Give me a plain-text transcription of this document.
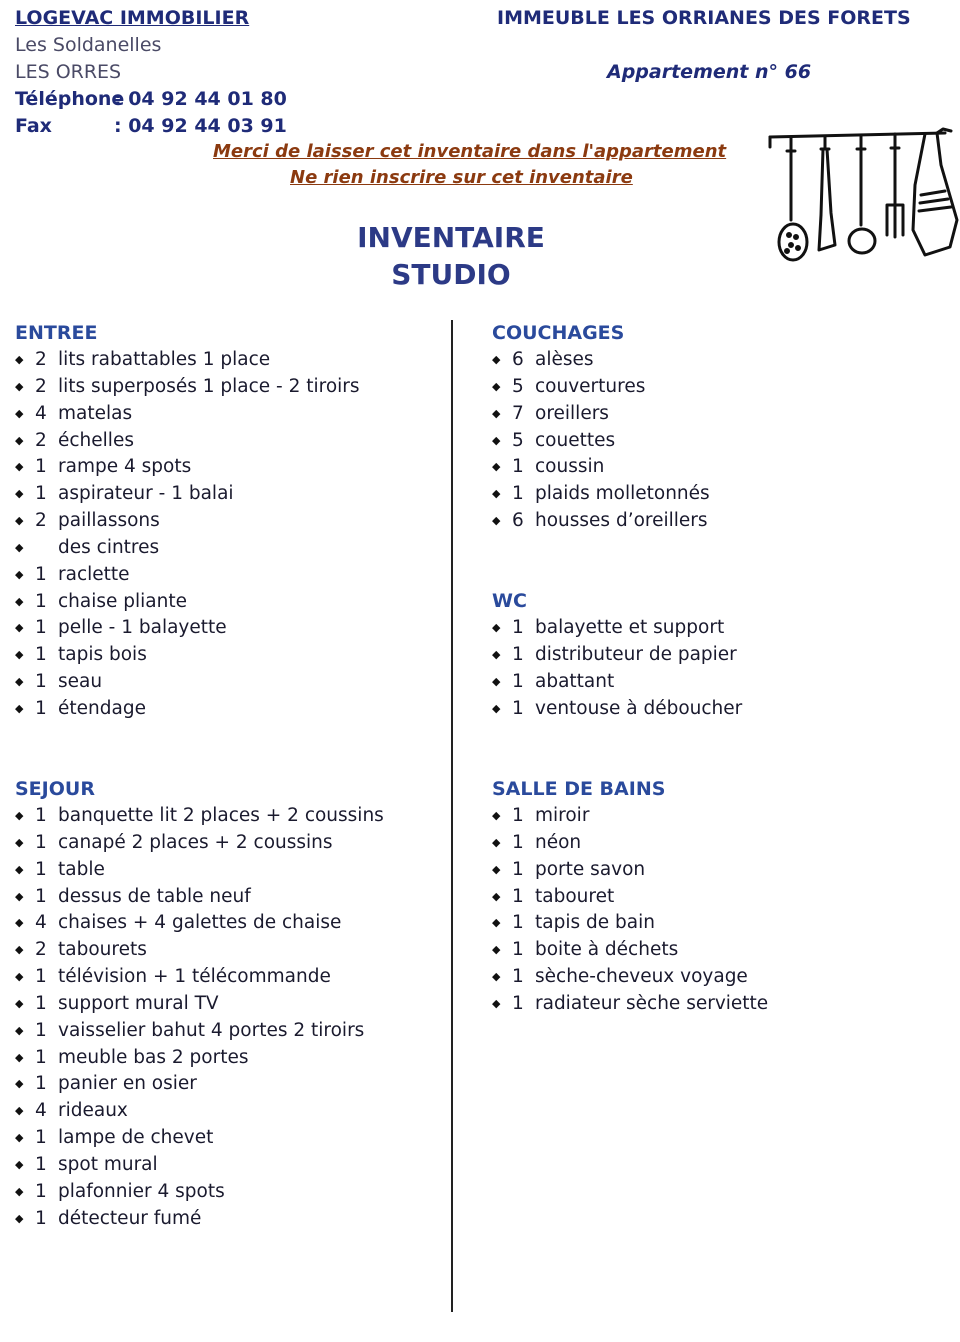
LOGEVAC IMMOBILIER
Les Soldanelles
LES ORRES
Téléphone
: 04 92 44 01 80
Fax	: 04 92 44 03 91
IMMEUBLE LES ORRIANES DES FORETS
Appartement n° 66
Merci de laisser cet inventaire dans l'appartement
Ne rien inscrire sur cet inventaire
INVENTAIRE
STUDIO
ENTREE
◆ 2 lits rabattables 1 place
◆ 2 lits superposés 1 place - 2 tiroirs
◆ 4 matelas
◆ 2 échelles
◆ 1 rampe 4 spots
◆ 1 aspirateur - 1 balai
◆ 2 paillassons
◆ des cintres
◆ 1 raclette
◆ 1 chaise pliante
◆ 1 pelle - 1 balayette
◆ 1 tapis bois
◆ 1 seau
◆ 1 étendage
COUCHAGES
◆ 6 alèses
◆ 5 couvertures
◆ 7 oreillers
◆ 5 couettes
◆ 1 coussin
◆ 1 plaids molletonnés
◆ 6 housses d’oreillers
WC
◆ 1 balayette et support
◆ 1 distributeur de papier
◆ 1 abattant
◆ 1 ventouse à déboucher
SEJOUR
◆ 1 banquette lit 2 places + 2 coussins
◆ 1 canapé 2 places + 2 coussins
◆ 1 table
◆ 1 dessus de table neuf
◆ 4 chaises + 4 galettes de chaise
◆ 2 tabourets
◆ 1 télévision + 1 télécommande
◆ 1 support mural TV
◆ 1 vaisselier bahut 4 portes 2 tiroirs
◆ 1 meuble bas 2 portes
◆ 1 panier en osier
◆ 4 rideaux
◆ 1 lampe de chevet
◆ 1 spot mural
◆ 1 plafonnier 4 spots
◆ 1 détecteur fumé
SALLE DE BAINS
◆ 1 miroir
◆ 1 néon
◆ 1 porte savon
◆ 1 tabouret
◆ 1 tapis de bain
◆ 1 boite à déchets
◆ 1 sèche-cheveux voyage
◆ 1 radiateur sèche serviette
